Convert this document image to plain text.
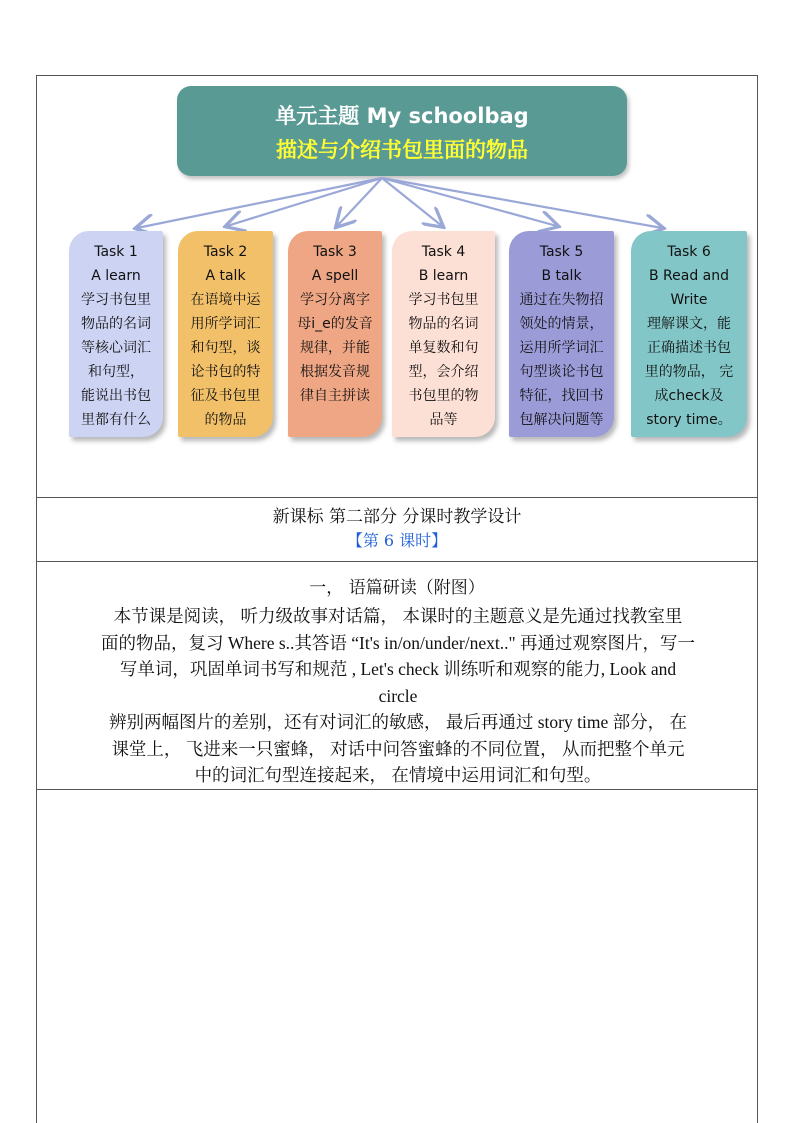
单元主题 My schoolbag
描述与介绍书包里面的物品
Task 1
A learn
学习书包里
物品的名词
等核心词汇
和句型，
能说出书包
里都有什么
Task 2
A talk
在语境中运
用所学词汇
和句型，谈
论书包的特
征及书包里
的物品
Task 3
A spell
学习分离字
母i_e的发音
规律，并能
根据发音规
律自主拼读
Task 4
B learn
学习书包里
物品的名词
单复数和句
型，会介绍
书包里的物
品等
Task 5
B talk
通过在失物招
领处的情景，
运用所学词汇
句型谈论书包
特征，找回书
包解决问题等
Task 6
B Read and
Write
理解课文，能
正确描述书包
里的物品， 完
成check及
story time。
新课标 第二部分 分课时教学设计
【第 6 课时】
一， 语篇研读（附图）
本节课是阅读， 听力级故事对话篇， 本课时的主题意义是先通过找教室里
面的物品，复习 Where s..其答语 “It's in/on/under/next.." 再通过观察图片，写一
写单词，巩固单词书写和规范 , Let's check 训练听和观察的能力, Look and
circle
辨别两幅图片的差别，还有对词汇的敏感， 最后再通过 story time 部分， 在
课堂上， 飞进来一只蜜蜂， 对话中问答蜜蜂的不同位置， 从而把整个单元
中的词汇句型连接起来， 在情境中运用词汇和句型。
